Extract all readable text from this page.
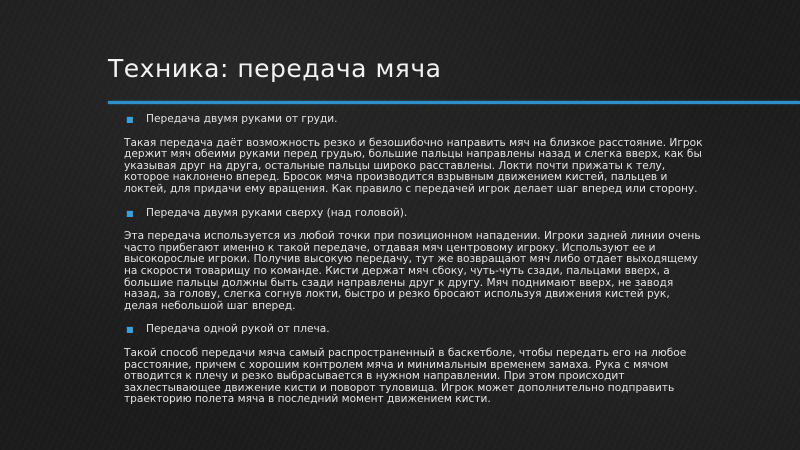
Техника: передача мяча

■ Передача двумя руками от груди.

Такая передача даёт возможность резко и безошибочно направить мяч на близкое расстояние. Игрок держит мяч обеими руками перед грудью, большие пальцы направлены назад и слегка вверх, как бы указывая друг на друга, остальные пальцы широко расставлены. Локти почти прижаты к телу, которое наклонено вперед. Бросок мяча производится взрывным движением кистей, пальцев и локтей, для придачи ему вращения. Как правило с передачей игрок делает шаг вперед или сторону.

■ Передача двумя руками сверху (над головой).

Эта передача используется из любой точки при позиционном нападении. Игроки задней линии очень часто прибегают именно к такой передаче, отдавая мяч центровому игроку. Используют ее и высокорослые игроки. Получив высокую передачу, тут же возвращают мяч либо отдает выходящему на скорости товарищу по команде. Кисти держат мяч сбоку, чуть-чуть сзади, пальцами вверх, а большие пальцы должны быть сзади направлены друг к другу. Мяч поднимают вверх, не заводя назад, за голову, слегка согнув локти, быстро и резко бросают используя движения кистей рук, делая небольшой шаг вперед.

■ Передача одной рукой от плеча.

Такой способ передачи мяча самый распространенный в баскетболе, чтобы передать его на любое расстояние, причем с хорошим контролем мяча и минимальным временем замаха. Рука с мячом отводится к плечу и резко выбрасывается в нужном направлении. При этом происходит захлестывающее движение кисти и поворот туловища. Игрок может дополнительно подправить траекторию полета мяча в последний момент движением кисти.
